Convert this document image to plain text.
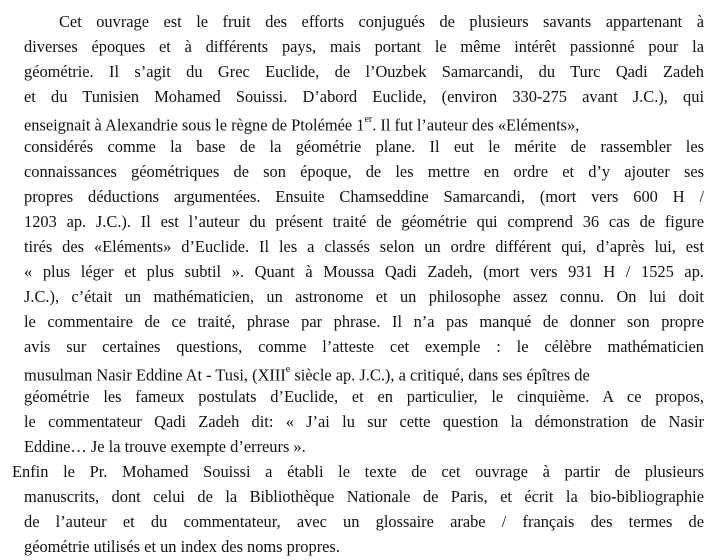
Cet ouvrage est le fruit des efforts conjugués de plusieurs savants appartenant à
diverses époques et à différents pays, mais portant le même intérêt passionné pour la
géométrie. Il s’agit du Grec Euclide, de l’Ouzbek Samarcandi, du Turc Qadi Zadeh
et du Tunisien Mohamed Souissi. D’abord Euclide, (environ 330-275 avant J.C.), qui
enseignait à Alexandrie sous le règne de Ptolémée 1er. Il fut l’auteur des «Eléments»,
considérés comme la base de la géométrie plane. Il eut le mérite de rassembler les
connaissances géométriques de son époque, de les mettre en ordre et d’y ajouter ses
propres déductions argumentées. Ensuite Chamseddine Samarcandi, (mort vers 600 H /
1203 ap. J.C.). Il est l’auteur du présent traité de géométrie qui comprend 36 cas de figure
tirés des «Eléments» d’Euclide. Il les a classés selon un ordre différent qui, d’après lui, est
« plus léger et plus subtil ». Quant à Moussa Qadi Zadeh, (mort vers 931 H / 1525 ap.
J.C.), c’était un mathématicien, un astronome et un philosophe assez connu. On lui doit
le commentaire de ce traité, phrase par phrase. Il n’a pas manqué de donner son propre
avis sur certaines questions, comme l’atteste cet exemple : le célèbre mathématicien
musulman Nasir Eddine At - Tusi, (XIIIe siècle ap. J.C.), a critiqué, dans ses épîtres de
géométrie les fameux postulats d’Euclide, et en particulier, le cinquième. A ce propos,
le commentateur Qadi Zadeh dit: « J’ai lu sur cette question la démonstration de Nasir
Eddine… Je la trouve exempte d’erreurs ».
Enfin le Pr. Mohamed Souissi a établi le texte de cet ouvrage à partir de plusieurs
manuscrits, dont celui de la Bibliothèque Nationale de Paris, et écrit la bio-bibliographie
de l’auteur et du commentateur, avec un glossaire arabe / français des termes de
géométrie utilisés et un index des noms propres.
